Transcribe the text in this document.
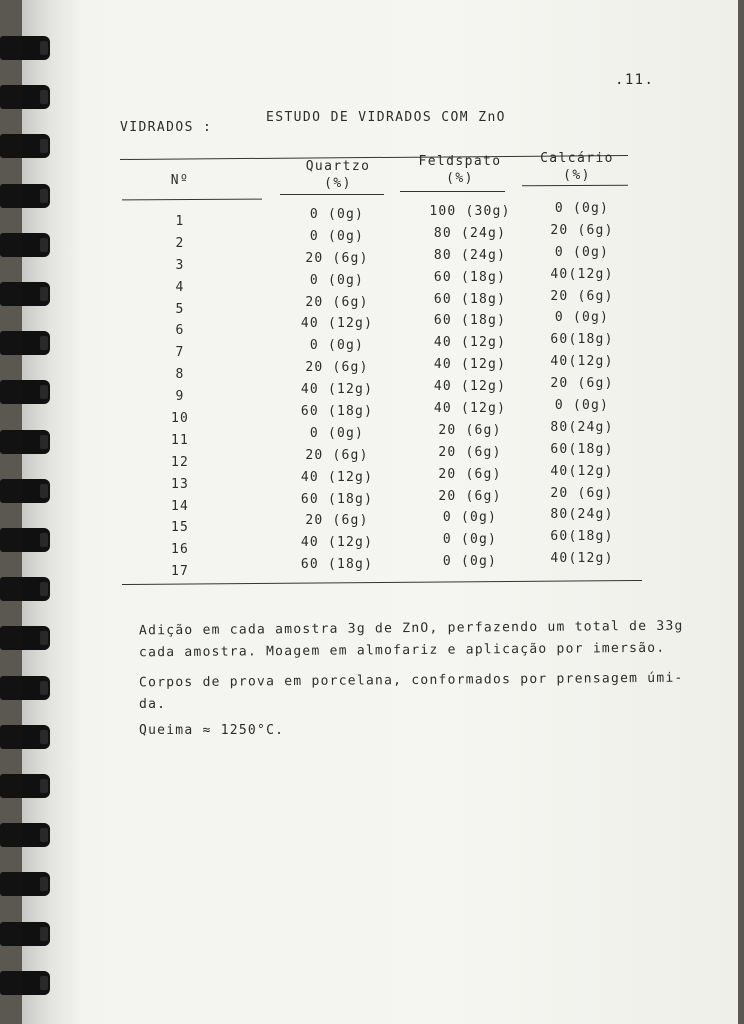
.11.
VIDRADOS :
ESTUDO DE VIDRADOS COM ZnO
Nº
Quartzo
(%)
Feldspato
(%)
Calcário
(%)
1
2
3
4
5
6
7
8
9
10
11
12
13
14
15
16
17
0 (0g)
0 (0g)
20 (6g)
0 (0g)
20 (6g)
40 (12g)
0 (0g)
20 (6g)
40 (12g)
60 (18g)
0 (0g)
20 (6g)
40 (12g)
60 (18g)
20 (6g)
40 (12g)
60 (18g)
100 (30g)
80 (24g)
80 (24g)
60 (18g)
60 (18g)
60 (18g)
40 (12g)
40 (12g)
40 (12g)
40 (12g)
20 (6g)
20 (6g)
20 (6g)
20 (6g)
0 (0g)
0 (0g)
0 (0g)
0 (0g)
20 (6g)
0 (0g)
40(12g)
20 (6g)
0 (0g)
60(18g)
40(12g)
20 (6g)
0 (0g)
80(24g)
60(18g)
40(12g)
20 (6g)
80(24g)
60(18g)
40(12g)
Adição em cada amostra 3g de ZnO, perfazendo um total de 33g
cada amostra. Moagem em almofariz e aplicação por imersão.
Corpos de prova em porcelana, conformados por prensagem úmi-
da.
Queima ≈ 1250°C.
